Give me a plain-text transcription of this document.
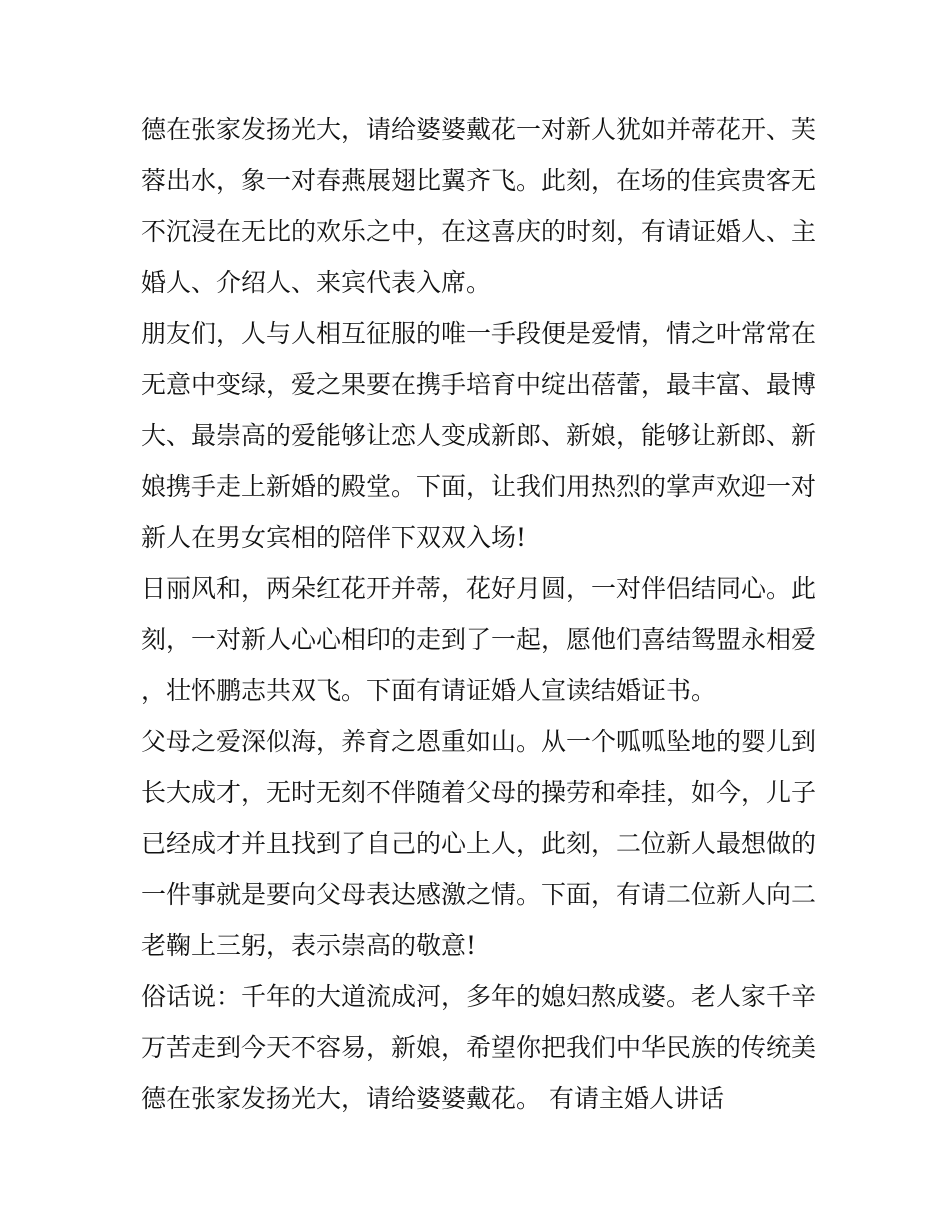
德在张家发扬光大，请给婆婆戴花一对新人犹如并蒂花开、芙蓉出水，象一对春燕展翅比翼齐飞。此刻，在场的佳宾贵客无不沉浸在无比的欢乐之中，在这喜庆的时刻，有请证婚人、主婚人、介绍人、来宾代表入席。

朋友们，人与人相互征服的唯一手段便是爱情，情之叶常常在无意中变绿，爱之果要在携手培育中绽出蓓蕾，最丰富、最博大、最崇高的爱能够让恋人变成新郎、新娘，能够让新郎、新娘携手走上新婚的殿堂。下面，让我们用热烈的掌声欢迎一对新人在男女宾相的陪伴下双双入场!

日丽风和，两朵红花开并蒂，花好月圆，一对伴侣结同心。此刻，一对新人心心相印的走到了一起，愿他们喜结鸳盟永相爱，壮怀鹏志共双飞。下面有请证婚人宣读结婚证书。

父母之爱深似海，养育之恩重如山。从一个呱呱坠地的婴儿到长大成才，无时无刻不伴随着父母的操劳和牵挂，如今，儿子已经成才并且找到了自己的心上人，此刻，二位新人最想做的一件事就是要向父母表达感激之情。下面，有请二位新人向二老鞠上三躬，表示崇高的敬意!

俗话说：千年的大道流成河，多年的媳妇熬成婆。老人家千辛万苦走到今天不容易，新娘，希望你把我们中华民族的传统美德在张家发扬光大，请给婆婆戴花。 有请主婚人讲话
